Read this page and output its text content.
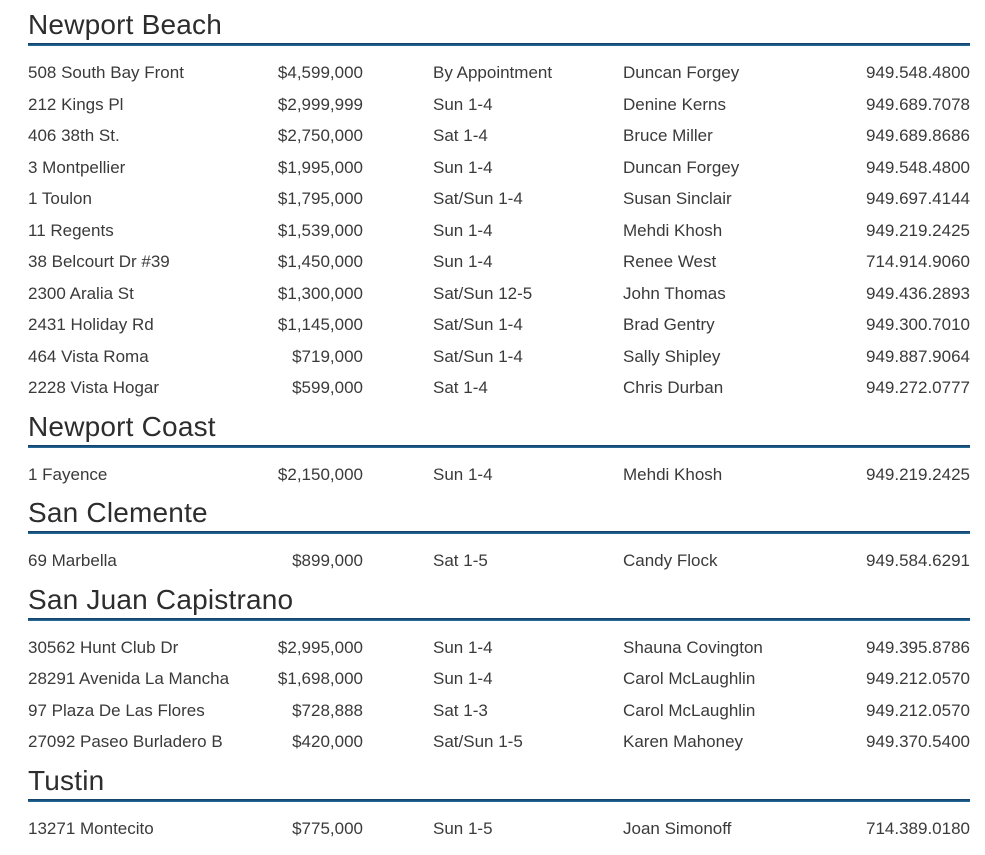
Newport Beach
508 South Bay Front	$4,599,000	By Appointment	Duncan Forgey	949.548.4800
212 Kings Pl	$2,999,999	Sun 1-4	Denine Kerns	949.689.7078
406 38th St.	$2,750,000	Sat 1-4	Bruce Miller	949.689.8686
3 Montpellier	$1,995,000	Sun 1-4	Duncan Forgey	949.548.4800
1 Toulon	$1,795,000	Sat/Sun 1-4	Susan Sinclair	949.697.4144
11 Regents	$1,539,000	Sun 1-4	Mehdi Khosh	949.219.2425
38 Belcourt Dr #39	$1,450,000	Sun 1-4	Renee West	714.914.9060
2300 Aralia St	$1,300,000	Sat/Sun 12-5	John Thomas	949.436.2893
2431 Holiday Rd	$1,145,000	Sat/Sun 1-4	Brad Gentry	949.300.7010
464 Vista Roma	$719,000	Sat/Sun 1-4	Sally Shipley	949.887.9064
2228 Vista Hogar	$599,000	Sat 1-4	Chris Durban	949.272.0777
Newport Coast
1 Fayence	$2,150,000	Sun 1-4	Mehdi Khosh	949.219.2425
San Clemente
69 Marbella	$899,000	Sat 1-5	Candy Flock	949.584.6291
San Juan Capistrano
30562 Hunt Club Dr	$2,995,000	Sun 1-4	Shauna Covington	949.395.8786
28291 Avenida La Mancha	$1,698,000	Sun 1-4	Carol McLaughlin	949.212.0570
97 Plaza De Las Flores	$728,888	Sat 1-3	Carol McLaughlin	949.212.0570
27092 Paseo Burladero B	$420,000	Sat/Sun 1-5	Karen Mahoney	949.370.5400
Tustin
13271 Montecito	$775,000	Sun 1-5	Joan Simonoff	714.389.0180
